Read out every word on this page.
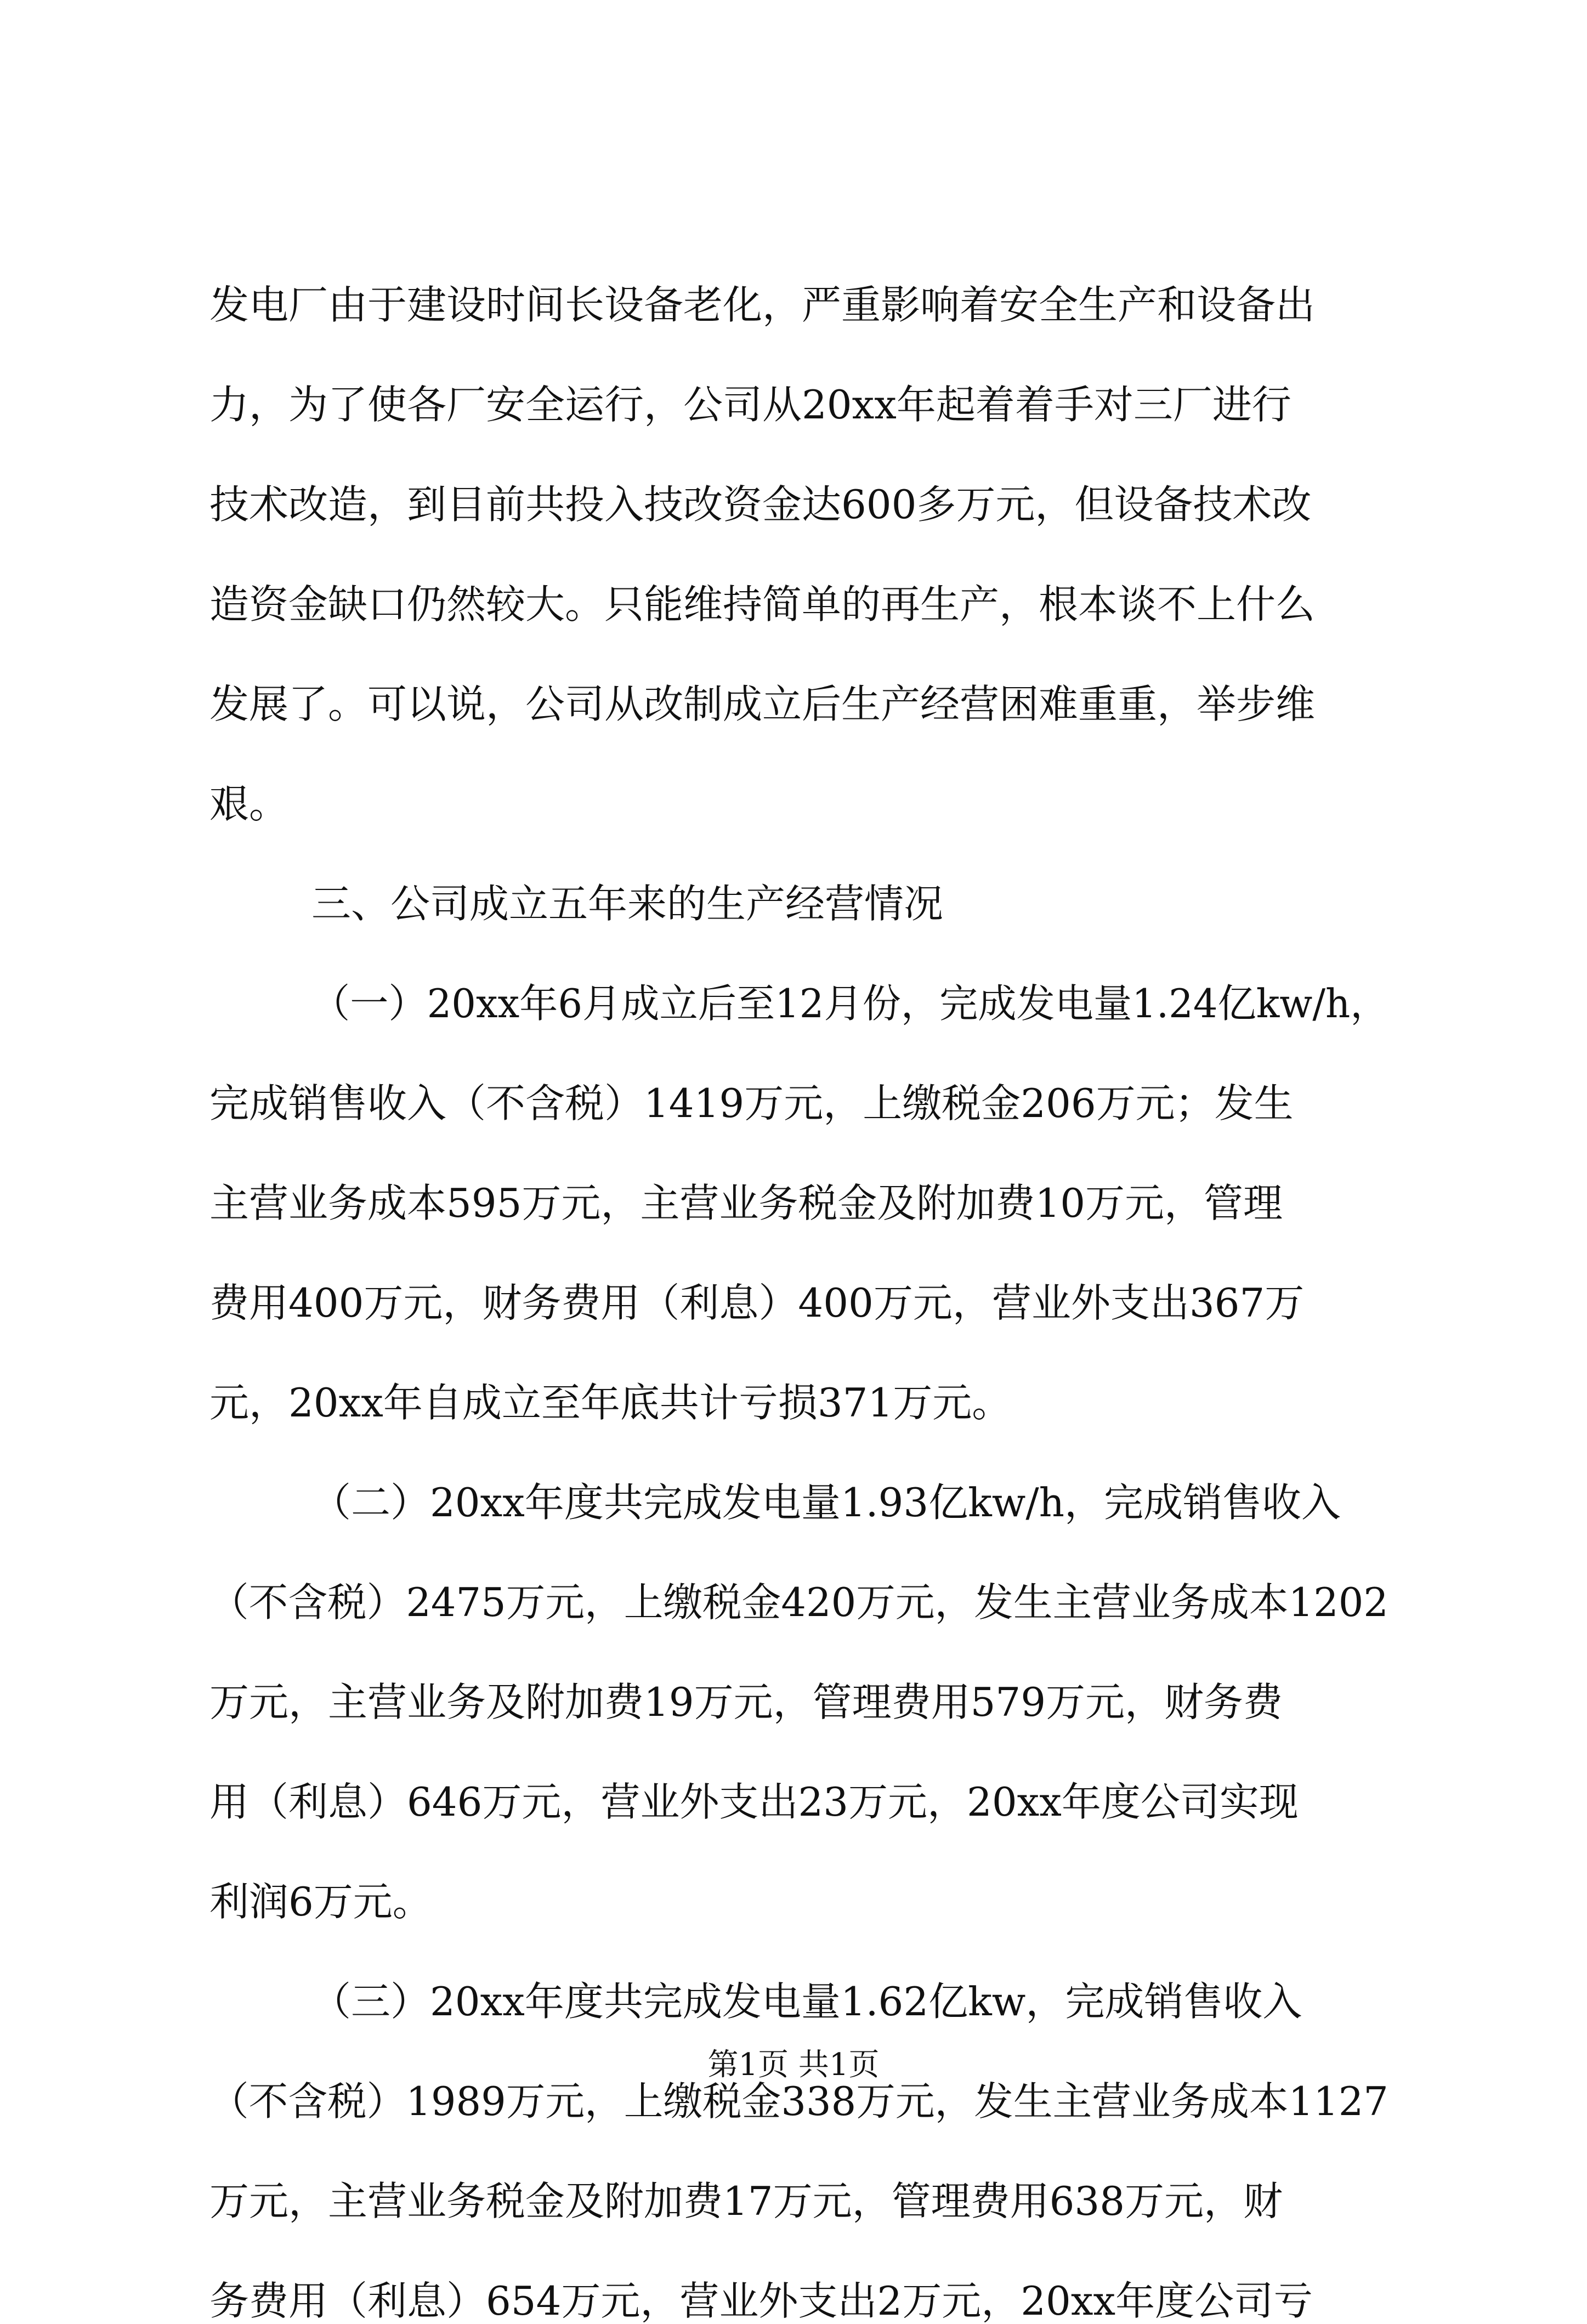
发电厂由于建设时间长设备老化，严重影响着安全生产和设备出
力，为了使各厂安全运行，公司从20xx年起着着手对三厂进行
技术改造，到目前共投入技改资金达600多万元，但设备技术改
造资金缺口仍然较大。只能维持简单的再生产，根本谈不上什么
发展了。可以说，公司从改制成立后生产经营困难重重，举步维
艰。
三、公司成立五年来的生产经营情况
（一）20xx年6月成立后至12月份，完成发电量1.24亿kw/h，
完成销售收入（不含税）1419万元，上缴税金206万元；发生
主营业务成本595万元，主营业务税金及附加费10万元，管理
费用400万元，财务费用（利息）400万元，营业外支出367万
元，20xx年自成立至年底共计亏损371万元。
（二）20xx年度共完成发电量1.93亿kw/h，完成销售收入
（不含税）2475万元，上缴税金420万元，发生主营业务成本1202
万元，主营业务及附加费19万元，管理费用579万元，财务费
用（利息）646万元，营业外支出23万元，20xx年度公司实现
利润6万元。
（三）20xx年度共完成发电量1.62亿kw，完成销售收入
（不含税）1989万元，上缴税金338万元，发生主营业务成本1127
万元，主营业务税金及附加费17万元，管理费用638万元，财
务费用（利息）654万元，营业外支出2万元，20xx年度公司亏
第1页 共1页
